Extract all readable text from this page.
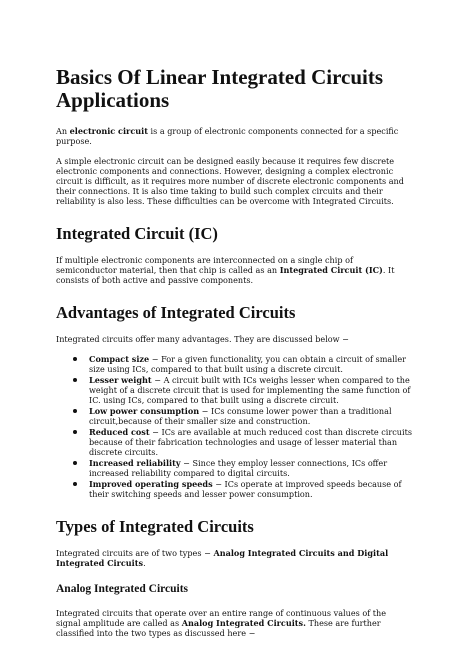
Basics Of Linear Integrated Circuits Applications

An electronic circuit is a group of electronic components connected for a specific purpose.

A simple electronic circuit can be designed easily because it requires few discrete electronic components and connections. However, designing a complex electronic circuit is difficult, as it requires more number of discrete electronic components and their connections. It is also time taking to build such complex circuits and their reliability is also less. These difficulties can be overcome with Integrated Circuits.

Integrated Circuit (IC)

If multiple electronic components are interconnected on a single chip of semiconductor material, then that chip is called as an Integrated Circuit (IC). It consists of both active and passive components.

Advantages of Integrated Circuits

Integrated circuits offer many advantages. They are discussed below −

Compact size − For a given functionality, you can obtain a circuit of smaller size using ICs, compared to that built using a discrete circuit.
Lesser weight − A circuit built with ICs weighs lesser when compared to the weight of a discrete circuit that is used for implementing the same function of IC. using ICs, compared to that built using a discrete circuit.
Low power consumption − ICs consume lower power than a traditional circuit,because of their smaller size and construction.
Reduced cost − ICs are available at much reduced cost than discrete circuits because of their fabrication technologies and usage of lesser material than discrete circuits.
Increased reliability − Since they employ lesser connections, ICs offer increased reliability compared to digital circuits.
Improved operating speeds − ICs operate at improved speeds because of their switching speeds and lesser power consumption.
Types of Integrated Circuits

Integrated circuits are of two types − Analog Integrated Circuits and Digital Integrated Circuits.

Analog Integrated Circuits

Integrated circuits that operate over an entire range of continuous values of the signal amplitude are called as Analog Integrated Circuits. These are further classified into the two types as discussed here −
